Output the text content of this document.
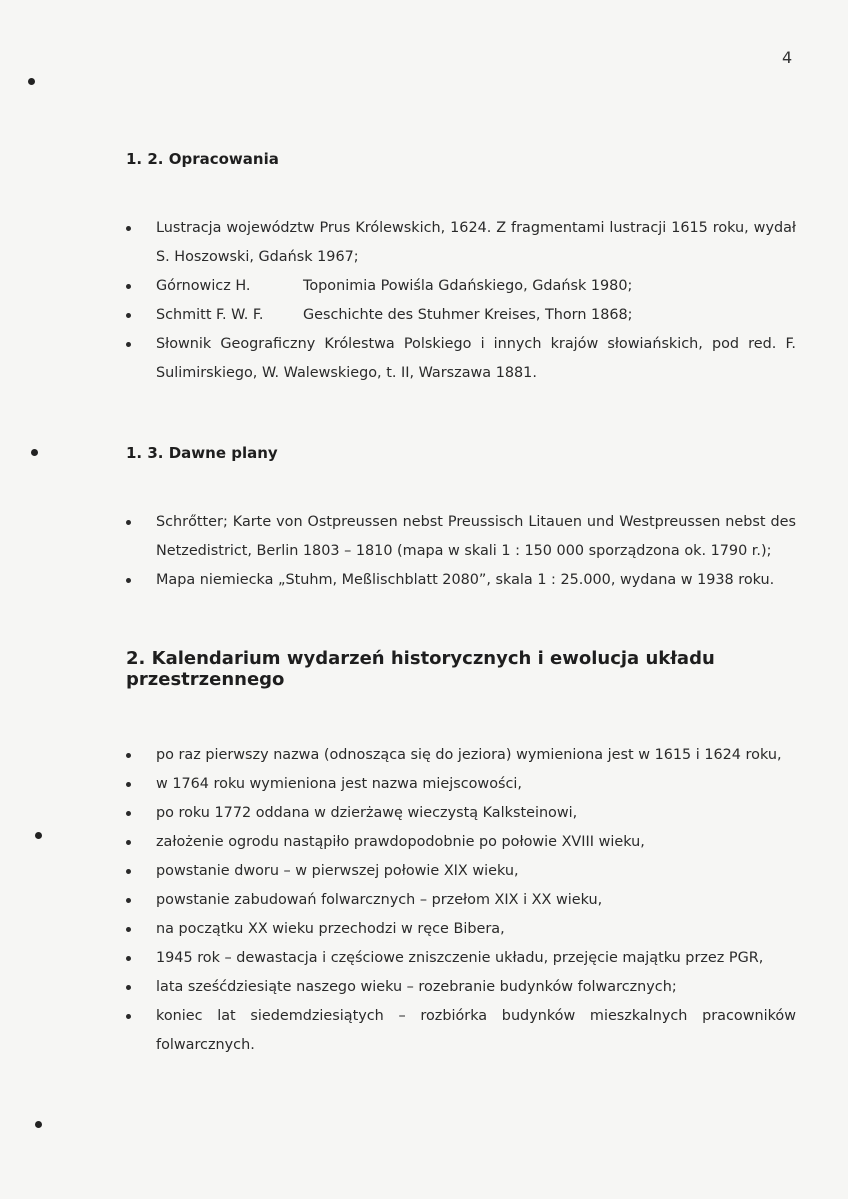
4
1. 2. Opracowania
Lustracja województw Prus Królewskich, 1624. Z fragmentami lustracji 1615 roku, wydał S. Hoszowski, Gdańsk 1967;
Górnowicz H.	Toponimia Powiśla Gdańskiego, Gdańsk 1980;
Schmitt F. W. F.	Geschichte des Stuhmer Kreises, Thorn 1868;
Słownik Geograficzny Królestwa Polskiego i innych krajów słowiańskich, pod red. F. Sulimirskiego, W. Walewskiego, t. II, Warszawa 1881.
1. 3. Dawne plany
Schrőtter; Karte von Ostpreussen nebst Preussisch Litauen und Westpreussen nebst des Netzedistrict, Berlin 1803 – 1810 (mapa w skali 1 : 150 000 sporządzona ok. 1790 r.);
Mapa niemiecka „Stuhm, Meßlischblatt 2080”, skala 1 : 25.000, wydana w 1938 roku.
2. Kalendarium wydarzeń historycznych i ewolucja układu przestrzennego
po raz pierwszy nazwa (odnosząca się do jeziora) wymieniona jest w 1615 i 1624 roku,
w 1764 roku wymieniona jest nazwa miejscowości,
po roku 1772 oddana w dzierżawę wieczystą Kalksteinowi,
założenie ogrodu nastąpiło prawdopodobnie po połowie XVIII wieku,
powstanie dworu – w pierwszej połowie XIX wieku,
powstanie zabudowań folwarcznych – przełom XIX i XX wieku,
na początku XX wieku przechodzi w ręce Bibera,
1945 rok – dewastacja i częściowe zniszczenie układu, przejęcie majątku przez PGR,
lata sześćdziesiąte naszego wieku – rozebranie budynków folwarcznych;
koniec lat siedemdziesiątych – rozbiórka budynków mieszkalnych pracowników folwarcznych.
